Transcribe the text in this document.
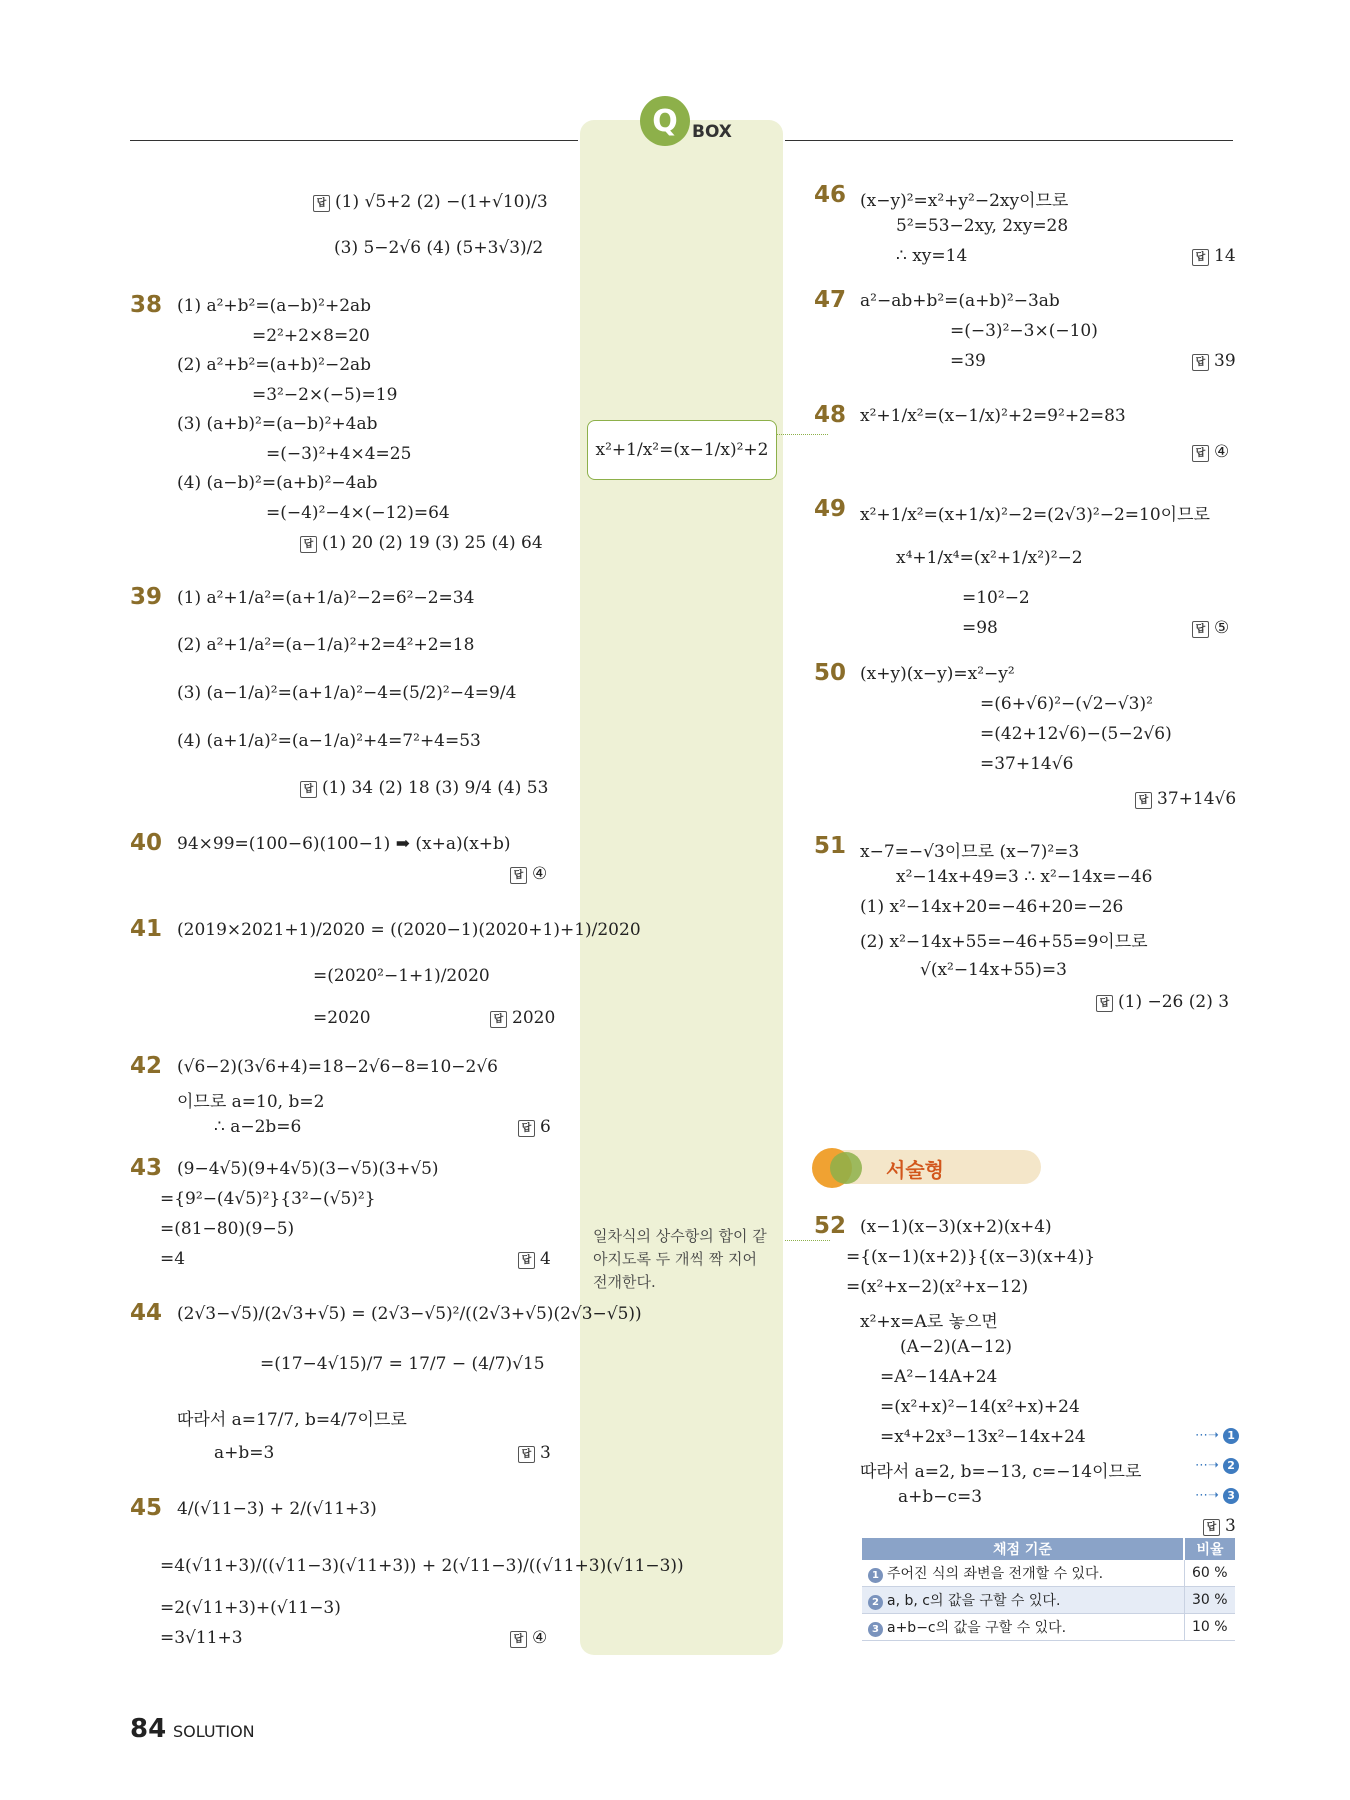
Q BOX
x²+1/x²=(x−1/x)²+2
일차식의 상수항의 합이 같아지도록 두 개씩 짝 지어 전개한다.
답 (1) √5+2 (2) −(1+√10)/3
(3) 5−2√6 (4) (5+3√3)/2
38 (1) a²+b²=(a−b)²+2ab
=2²+2×8=20
(2) a²+b²=(a+b)²−2ab
=3²−2×(−5)=19
(3) (a+b)²=(a−b)²+4ab
=(−3)²+4×4=25
(4) (a−b)²=(a+b)²−4ab
=(−4)²−4×(−12)=64
답 (1) 20 (2) 19 (3) 25 (4) 64
39 (1) a²+1/a²=(a+1/a)²−2=6²−2=34
(2) a²+1/a²=(a−1/a)²+2=4²+2=18
(3) (a−1/a)²=(a+1/a)²−4=(5/2)²−4=9/4
(4) (a+1/a)²=(a−1/a)²+4=7²+4=53
답 (1) 34 (2) 18 (3) 9/4 (4) 53
40 94×99=(100−6)(100−1) ➡ (x+a)(x+b)
답 ④
41 (2019×2021+1)/2020 = ((2020−1)(2020+1)+1)/2020
=(2020²−1+1)/2020
=2020	답 2020
42 (√6−2)(3√6+4)=18−2√6−8=10−2√6
이므로 a=10, b=2
∴ a−2b=6	답 6
43 (9−4√5)(9+4√5)(3−√5)(3+√5)
={9²−(4√5)²}{3²−(√5)²}
=(81−80)(9−5)
=4	답 4
44 (2√3−√5)/(2√3+√5) = (2√3−√5)²/((2√3+√5)(2√3−√5))
=(17−4√15)/7 = 17/7 − (4/7)√15
따라서 a=17/7, b=4/7이므로
a+b=3	답 3
45 4/(√11−3) + 2/(√11+3)
=4(√11+3)/((√11−3)(√11+3)) + 2(√11−3)/((√11+3)(√11−3))
=2(√11+3)+(√11−3)
=3√11+3	답 ④
46 (x−y)²=x²+y²−2xy이므로
5²=53−2xy, 2xy=28
∴ xy=14	답 14
47 a²−ab+b²=(a+b)²−3ab
=(−3)²−3×(−10)
=39	답 39
48 x²+1/x²=(x−1/x)²+2=9²+2=83
답 ④
49 x²+1/x²=(x+1/x)²−2=(2√3)²−2=10이므로
x⁴+1/x⁴=(x²+1/x²)²−2
=10²−2
=98	답 ⑤
50 (x+y)(x−y)=x²−y²
=(6+√6)²−(√2−√3)²
=(42+12√6)−(5−2√6)
=37+14√6
답 37+14√6
51 x−7=−√3이므로 (x−7)²=3
x²−14x+49=3 ∴ x²−14x=−46
(1) x²−14x+20=−46+20=−26
(2) x²−14x+55=−46+55=9이므로
√(x²−14x+55)=3
답 (1) −26 (2) 3
서술형
52 (x−1)(x−3)(x+2)(x+4)
={(x−1)(x+2)}{(x−3)(x+4)}
=(x²+x−2)(x²+x−12)
x²+x=A로 놓으면
(A−2)(A−12)
=A²−14A+24
=(x²+x)²−14(x²+x)+24
=x⁴+2x³−13x²−14x+24
따라서 a=2, b=−13, c=−14이므로
a+b−c=3
⋯➝ 1
⋯➝ 2
⋯➝ 3
답 3
채점 기준	비율
1 주어진 식의 좌변을 전개할 수 있다.	60 %
2 a, b, c의 값을 구할 수 있다.	30 %
3 a+b−c의 값을 구할 수 있다.	10 %
84 SOLUTION
